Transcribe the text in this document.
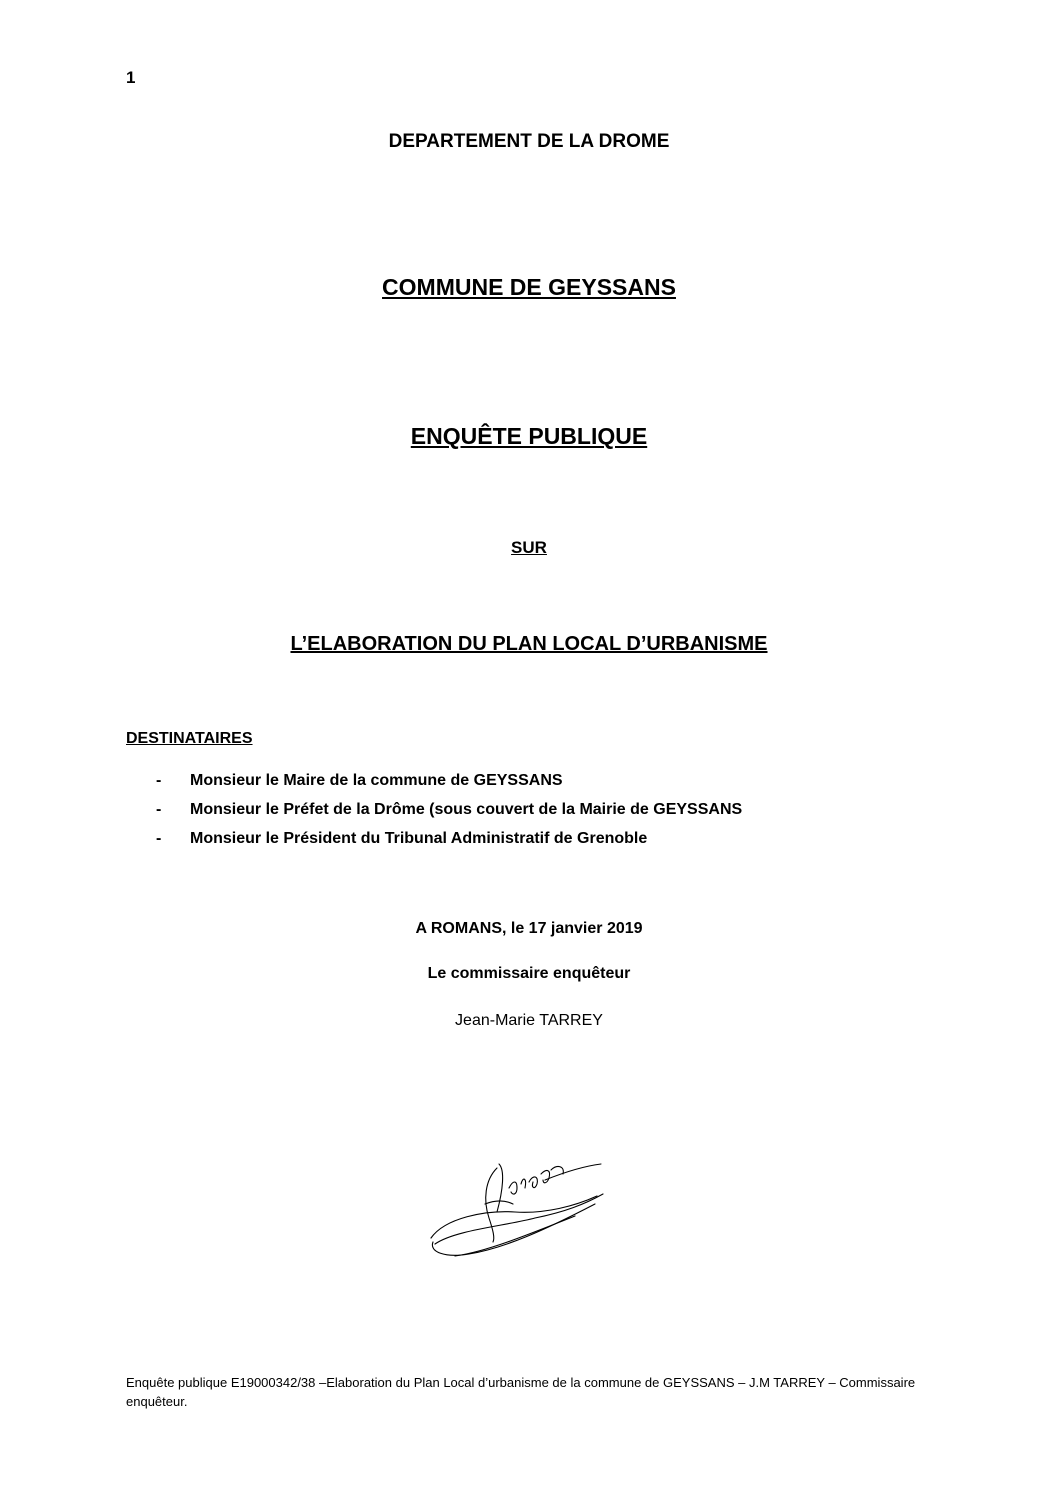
1
DEPARTEMENT DE LA DROME
COMMUNE DE GEYSSANS
ENQUÊTE PUBLIQUE
SUR
L’ELABORATION DU PLAN LOCAL D’URBANISME
DESTINATAIRES
- Monsieur le Maire de la commune de GEYSSANS
- Monsieur le Préfet de la Drôme (sous couvert de la Mairie de GEYSSANS
- Monsieur le Président du Tribunal Administratif de Grenoble
A ROMANS, le 17 janvier 2019
Le commissaire enquêteur
Jean-Marie TARREY
Enquête publique E19000342/38 –Elaboration du Plan Local d’urbanisme de la commune de GEYSSANS – J.M TARREY – Commissaire enquêteur.
